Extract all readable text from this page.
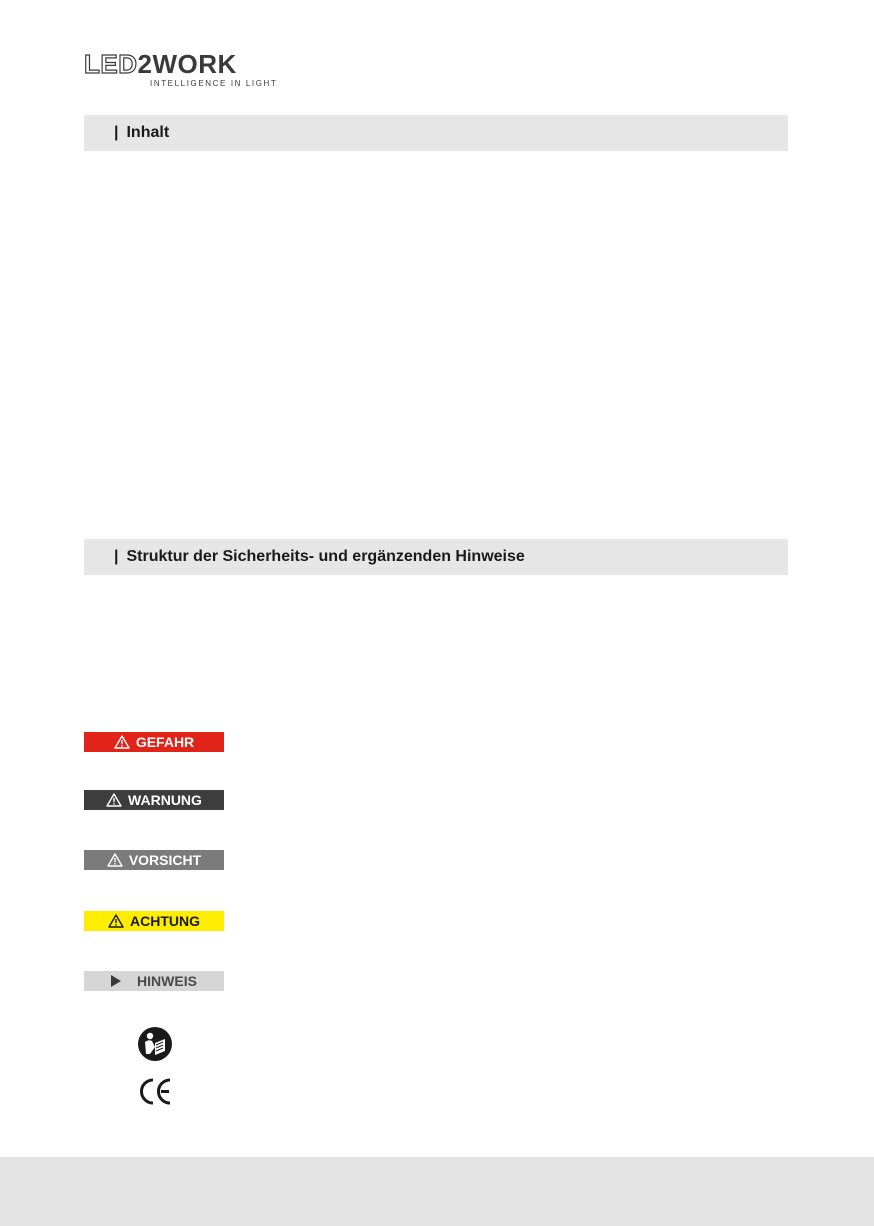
LED2WORK
INTELLIGENCE IN LIGHT
| Inhalt
| Struktur der Sicherheits- und ergänzenden Hinweise
GEFAHR
WARNUNG
VORSICHT
ACHTUNG
HINWEIS
